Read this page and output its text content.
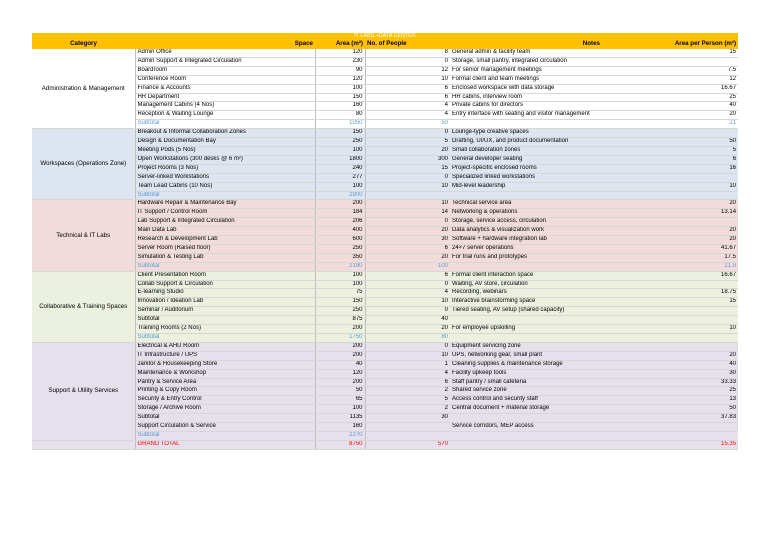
IT LABS +DATA CENTER					
Category	Space	Area (m²)	No. of People	Notes	Area per Person (m²)
Administration & Management	Admin Office	120	8	General admin & facility team	15
	Admin Support & Integrated Circulation	230	0	Storage, small pantry, integrated circulation	
	Boardroom	90	12	For senior management meetings	7.5
	Conference Room	120	10	Formal client and team meetings	12
	Finance & Accounts	100	6	Enclosed workspace with data storage	16.67
	HR Department	150	6	HR cabins, interview room	25
	Management Cabins (4 Nos)	160	4	Private cabins for directors	40
	Reception & Waiting Lounge	80	4	Entry interface with seating and visitor management	20
	Subtotal	1050	50		21
Workspaces (Operations Zone)	Breakout & Informal Collaboration Zones	150	0	Lounge-type creative spaces	
	Design & Documentation Bay	250	5	Drafting, UI/UX, and product documentation	50
	Meeting Pods (5 Nos)	100	20	Small collaboration zones	5
	Open Workstations (300 desks @ 6 m²)	1800	300	General developer seating	6
	Project Rooms (3 Nos)	240	15	Project-specific enclosed rooms	16
	Server-linked Workstations	277	0	Specialized linked workstations	
	Team Lead Cabins (10 Nos)	100	10	Mid-level leadership	10
	Subtotal	2900			
Technical & IT Labs	Hardware Repair & Maintenance Bay	200	10	Technical service area	20
	IT Support / Control Room	184	14	Networking & operations	13.14
	Lab Support & Integrated Circulation	206	0	Storage, service access, circulation	
	Main Data Lab	400	20	Data analytics & visualization work	20
	Research & Development Lab	600	30	Software + hardware integration lab	20
	Server Room (Raised floor)	250	6	24×7 server operations	41.67
	Simulation & Testing Lab	350	20	For trial runs and prototypes	17.5
	Subtotal	2190	100		21.9
Collaborative & Training Spaces	Client Presentation Room	100	6	Formal client interaction space	16.67
	Collab Support & Circulation	100	0	Waiting, AV store, circulation	
	E-learning Studio	75	4	Recording, webinars	18.75
	Innovation / Ideation Lab	150	10	Interactive brainstorming space	15
	Seminar / Auditorium	250	0	Tiered seating, AV setup (shared capacity)	
	Subtotal	875	40		
	Training Rooms (2 Nos)	200	20	For employee upskilling	10
	Subtotal	1750	80		
Support & Utility Services	Electrical & AHU Room	200	0	Equipment servicing zone	
	IT Infrastructure / UPS	200	10	UPS, networking gear, small plant	20
	Janitor & Housekeeping Store	40	1	Cleaning supplies & maintenance storage	40
	Maintenance & Workshop	120	4	Facility upkeep tools	30
	Pantry & Service Area	200	6	Staff pantry / small cafeteria	33.33
	Printing & Copy Room	50	2	Shared service zone	25
	Security & Entry Control	65	5	Access control and security staff	13
	Storage / Archive Room	100	2	Central document + material storage	50
	Subtotal	1135	30		37.83
	Support Circulation & Service	160		Service corridors, MEP access	
	Subtotal	2270			
	GRAND TOTAL	8750	570		15.35
